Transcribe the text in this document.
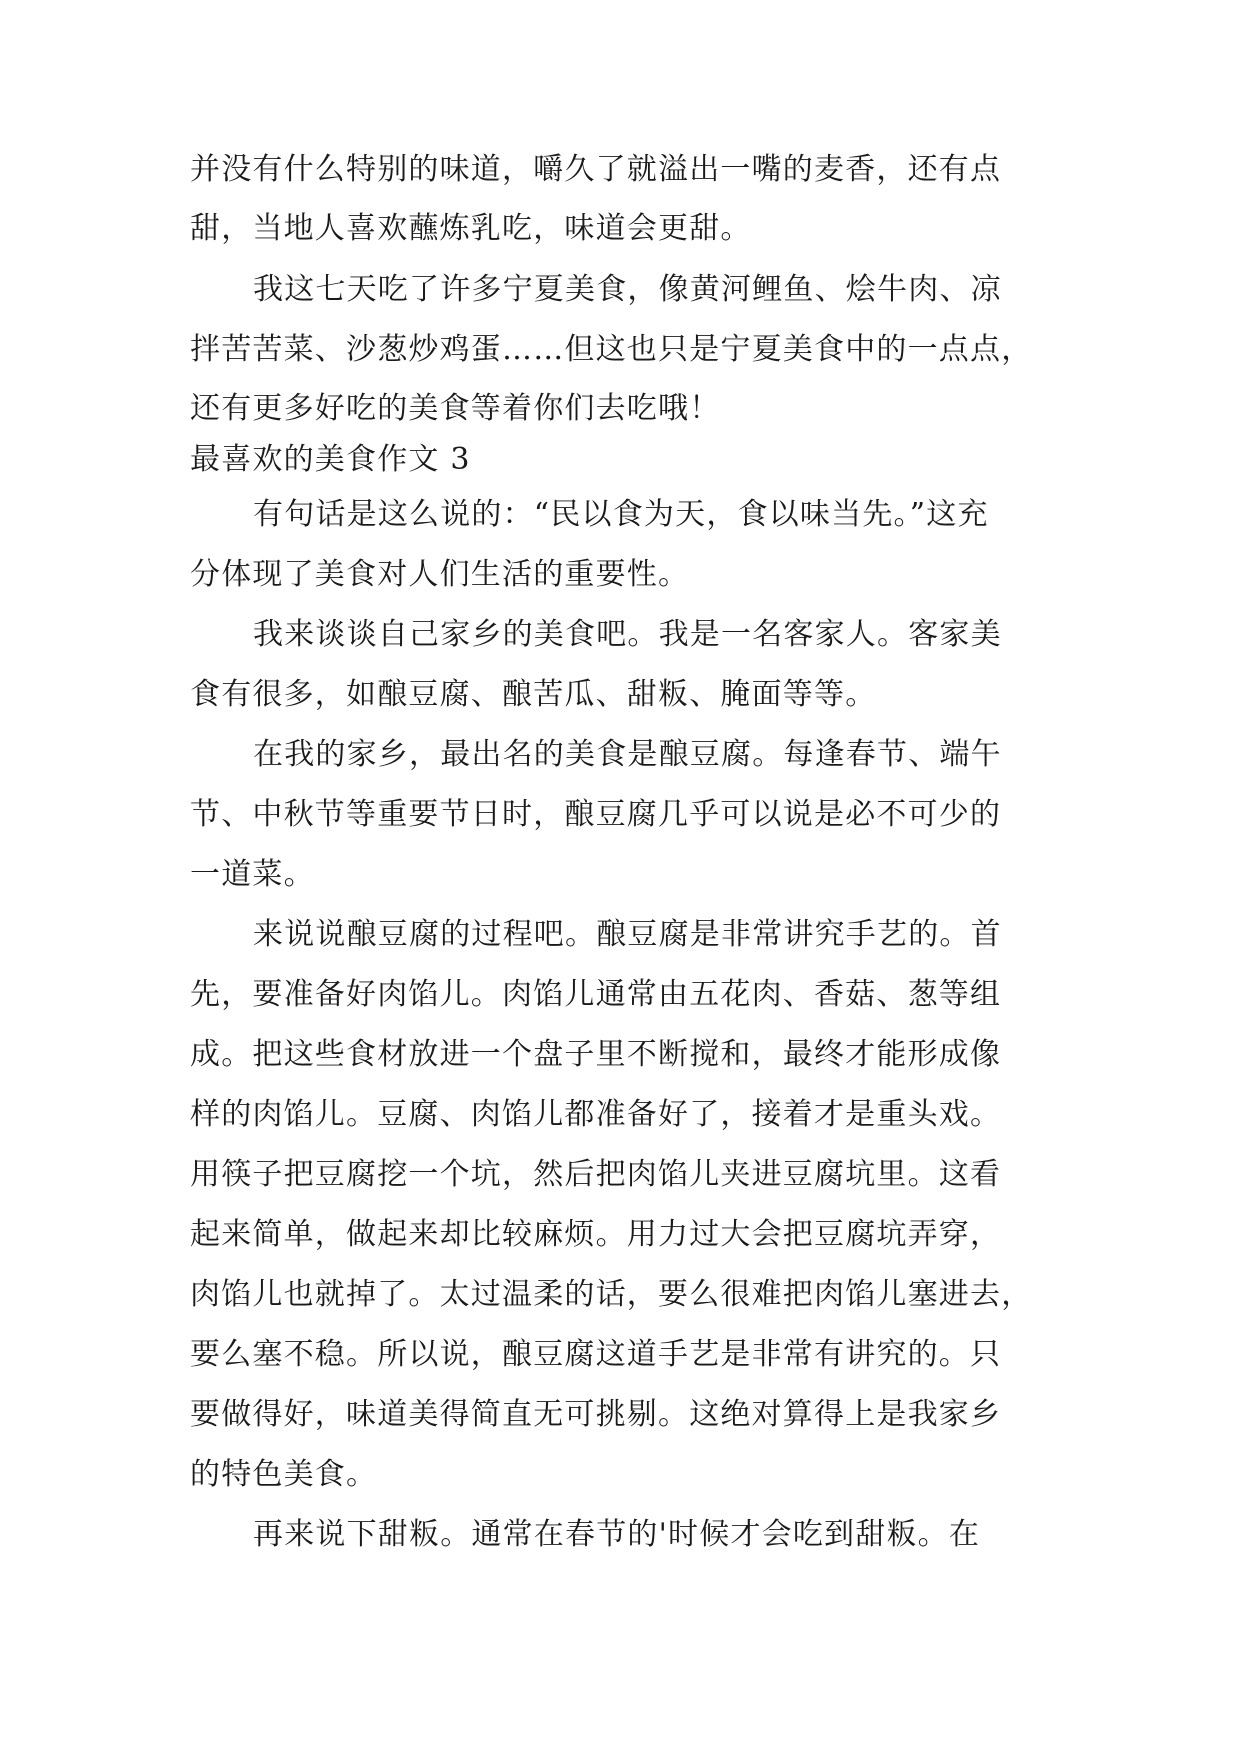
并没有什么特别的味道，嚼久了就溢出一嘴的麦香，还有点
甜，当地人喜欢蘸炼乳吃，味道会更甜。
我这七天吃了许多宁夏美食，像黄河鲤鱼、烩牛肉、凉
拌苦苦菜、沙葱炒鸡蛋……但这也只是宁夏美食中的一点点，
还有更多好吃的美食等着你们去吃哦！
最喜欢的美食作文 3
有句话是这么说的：“民以食为天，食以味当先。”这充
分体现了美食对人们生活的重要性。
我来谈谈自己家乡的美食吧。我是一名客家人。客家美
食有很多，如酿豆腐、酿苦瓜、甜粄、腌面等等。
在我的家乡，最出名的美食是酿豆腐。每逢春节、端午
节、中秋节等重要节日时，酿豆腐几乎可以说是必不可少的
一道菜。
来说说酿豆腐的过程吧。酿豆腐是非常讲究手艺的。首
先，要准备好肉馅儿。肉馅儿通常由五花肉、香菇、葱等组
成。把这些食材放进一个盘子里不断搅和，最终才能形成像
样的肉馅儿。豆腐、肉馅儿都准备好了，接着才是重头戏。
用筷子把豆腐挖一个坑，然后把肉馅儿夹进豆腐坑里。这看
起来简单，做起来却比较麻烦。用力过大会把豆腐坑弄穿，
肉馅儿也就掉了。太过温柔的话，要么很难把肉馅儿塞进去，
要么塞不稳。所以说，酿豆腐这道手艺是非常有讲究的。只
要做得好，味道美得简直无可挑剔。这绝对算得上是我家乡
的特色美食。
再来说下甜粄。通常在春节的'时候才会吃到甜粄。在
